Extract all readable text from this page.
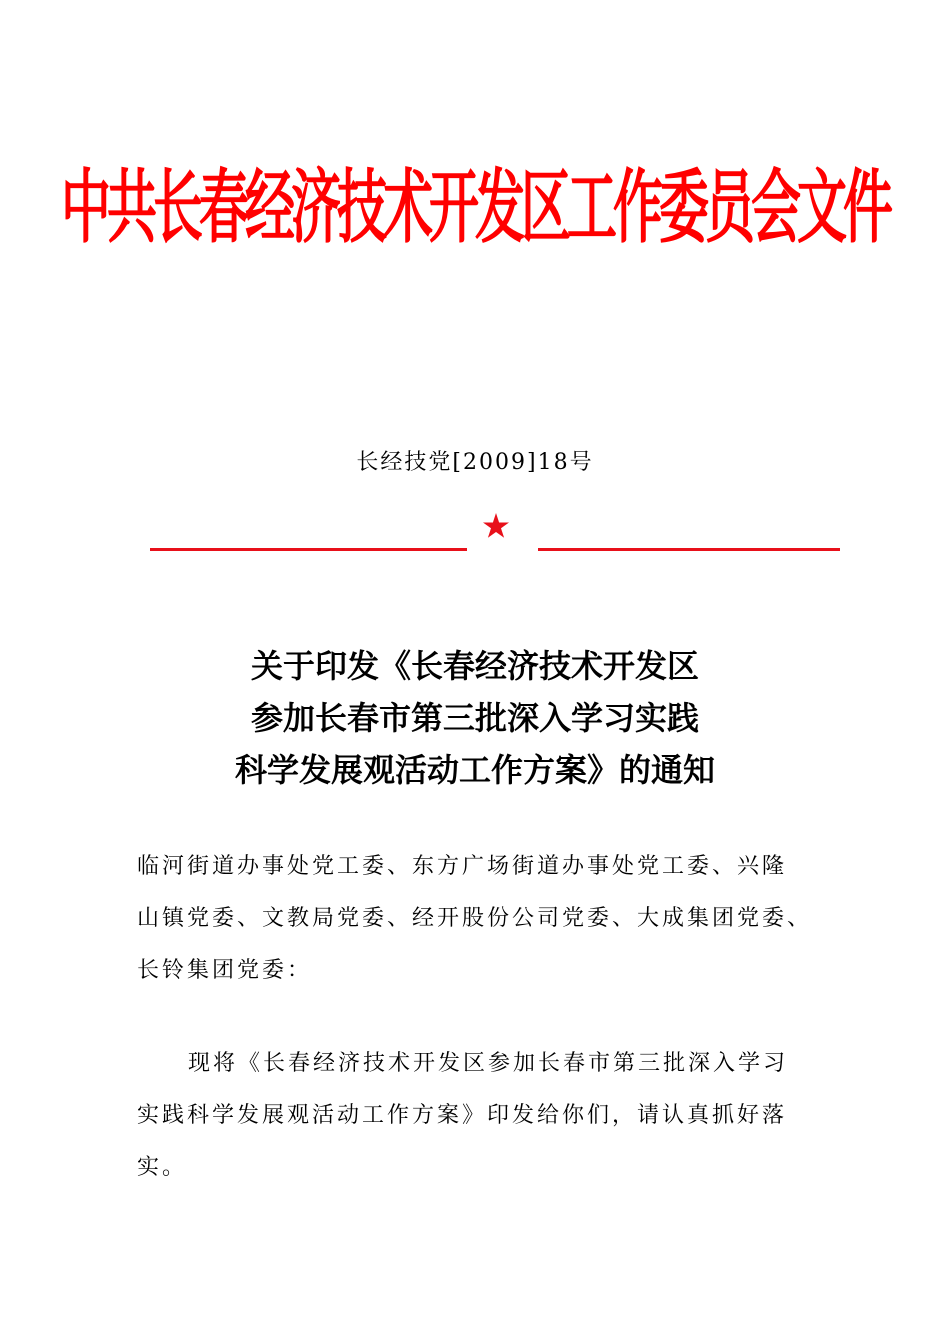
中共长春经济技术开发区工作委员会文件
长经技党[2009]18号
关于印发《长春经济技术开发区
参加长春市第三批深入学习实践
科学发展观活动工作方案》的通知
临河街道办事处党工委、东方广场街道办事处党工委、兴隆
山镇党委、文教局党委、经开股份公司党委、大成集团党委、
长铃集团党委：
现将《长春经济技术开发区参加长春市第三批深入学习
实践科学发展观活动工作方案》印发给你们，请认真抓好落
实。
